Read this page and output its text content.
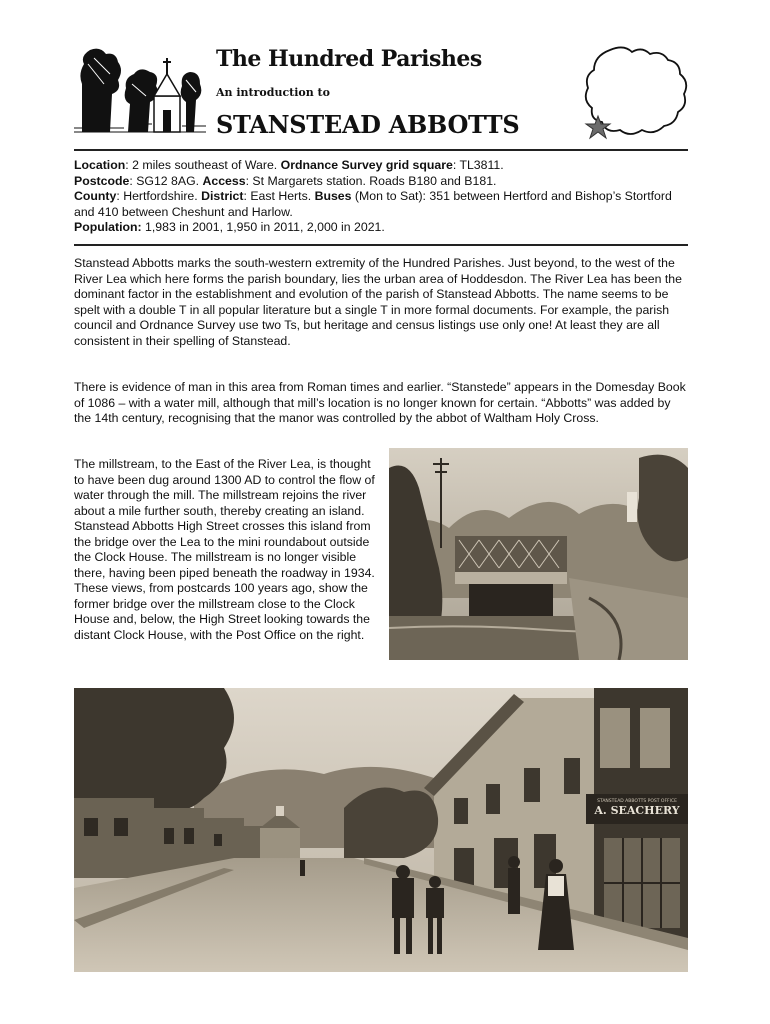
The Hundred Parishes
An introduction to
STANSTEAD ABBOTTS
Location: 2 miles southeast of Ware. Ordnance Survey grid square: TL3811.
Postcode: SG12 8AG. Access: St Margarets station. Roads B180 and B181.
County: Hertfordshire. District: East Herts. Buses (Mon to Sat): 351 between Hertford and Bishop’s Stortford and 410 between Cheshunt and Harlow.
Population: 1,983 in 2001, 1,950 in 2011, 2,000 in 2021.

Stanstead Abbotts marks the south-western extremity of the Hundred Parishes. Just beyond, to the west of the River Lea which here forms the parish boundary, lies the urban area of Hoddesdon. The River Lea has been the dominant factor in the establishment and evolution of the parish of Stanstead Abbotts. The name seems to be spelt with a double T in all popular literature but a single T in more formal documents. For example, the parish council and Ordnance Survey use two Ts, but heritage and census listings use only one! At least they are all consistent in their spelling of Stanstead.

There is evidence of man in this area from Roman times and earlier. “Stanstede” appears in the Domesday Book of 1086 – with a water mill, although that mill’s location is no longer known for certain. “Abbotts” was added by the 14th century, recognising that the manor was controlled by the abbot of Waltham Holy Cross.

The millstream, to the East of the River Lea, is thought to have been dug around 1300 AD to control the flow of water through the mill. The millstream rejoins the river about a mile further south, thereby creating an island. Stanstead Abbotts High Street crosses this island from the bridge over the Lea to the mini roundabout outside the Clock House. The millstream is no longer visible there, having been piped beneath the roadway in 1934. These views, from postcards 100 years ago, show the former bridge over the millstream close to the Clock House and, below, the High Street looking towards the distant Clock House, with the Post Office on the right.

A. SEACHERY
STANSTEAD ABBOTTS POST OFFICE
